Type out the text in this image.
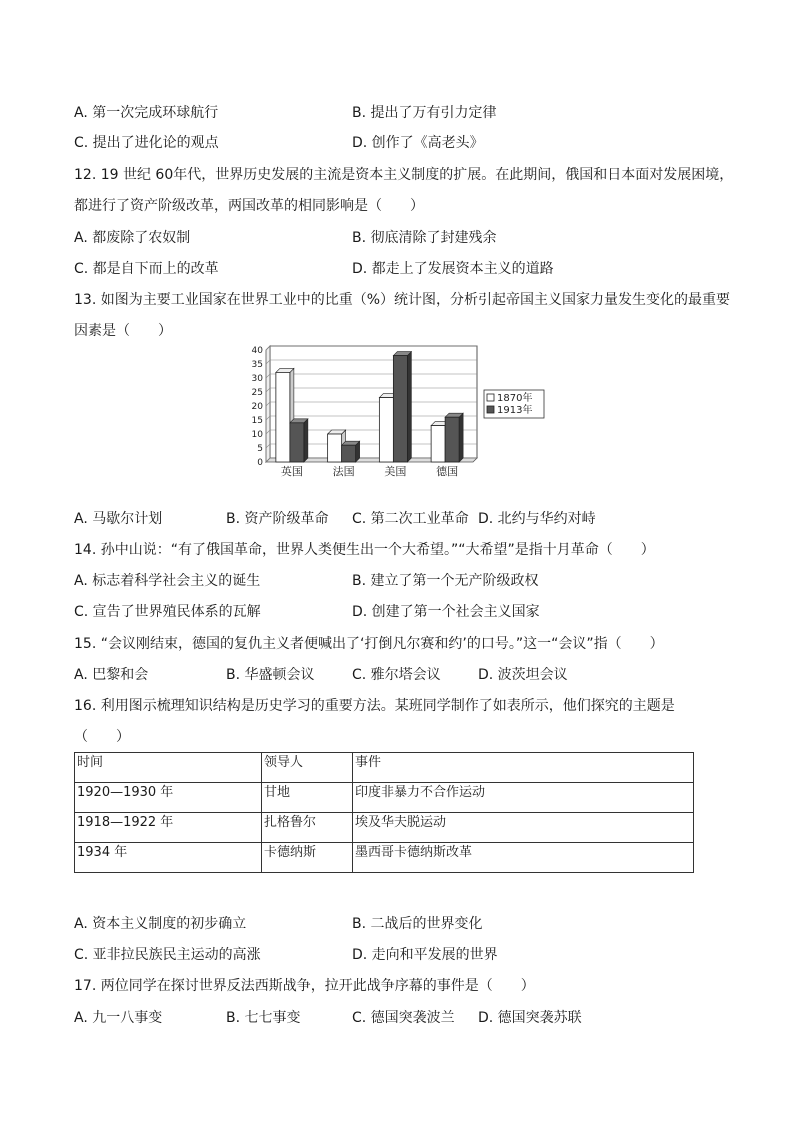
A. 第一次完成环球航行	B. 提出了万有引力定律
C. 提出了进化论的观点	D. 创作了《高老头》
12. 19 世纪 60年代，世界历史发展的主流是资本主义制度的扩展。在此期间，俄国和日本面对发展困境，
都进行了资产阶级改革，两国改革的相同影响是（　　）
A. 都废除了农奴制	B. 彻底清除了封建残余
C. 都是自下而上的改革	D. 都走上了发展资本主义的道路
13. 如图为主要工业国家在世界工业中的比重（%）统计图，分析引起帝国主义国家力量发生变化的最重要
因素是（　　）
0
5
10
15
20
25
30
35
40
英国	法国	美国	德国
1870年
1913年
A. 马歇尔计划	B. 资产阶级革命 C. 第二次工业革命 D. 北约与华约对峙
14. 孙中山说：“有了俄国革命，世界人类便生出一个大希望。”“大希望”是指十月革命（　　）
A. 标志着科学社会主义的诞生	B. 建立了第一个无产阶级政权
C. 宣告了世界殖民体系的瓦解	D. 创建了第一个社会主义国家
15. “会议刚结束，德国的复仇主义者便喊出了‘打倒凡尔赛和约’的口号。”这一“会议”指（　　）
A. 巴黎和会	B. 华盛顿会议	C. 雅尔塔会议	D. 波茨坦会议
16. 利用图示梳理知识结构是历史学习的重要方法。某班同学制作了如表所示，他们探究的主题是
（　　）
时间	领导人	事件
1920—1930 年	甘地	印度非暴力不合作运动
1918—1922 年	扎格鲁尔	埃及华夫脱运动
1934 年	卡德纳斯	墨西哥卡德纳斯改革
A. 资本主义制度的初步确立	B. 二战后的世界变化
C. 亚非拉民族民主运动的高涨	D. 走向和平发展的世界
17. 两位同学在探讨世界反法西斯战争，拉开此战争序幕的事件是（　　）
A. 九一八事变	B. 七七事变	C. 德国突袭波兰 D. 德国突袭苏联
